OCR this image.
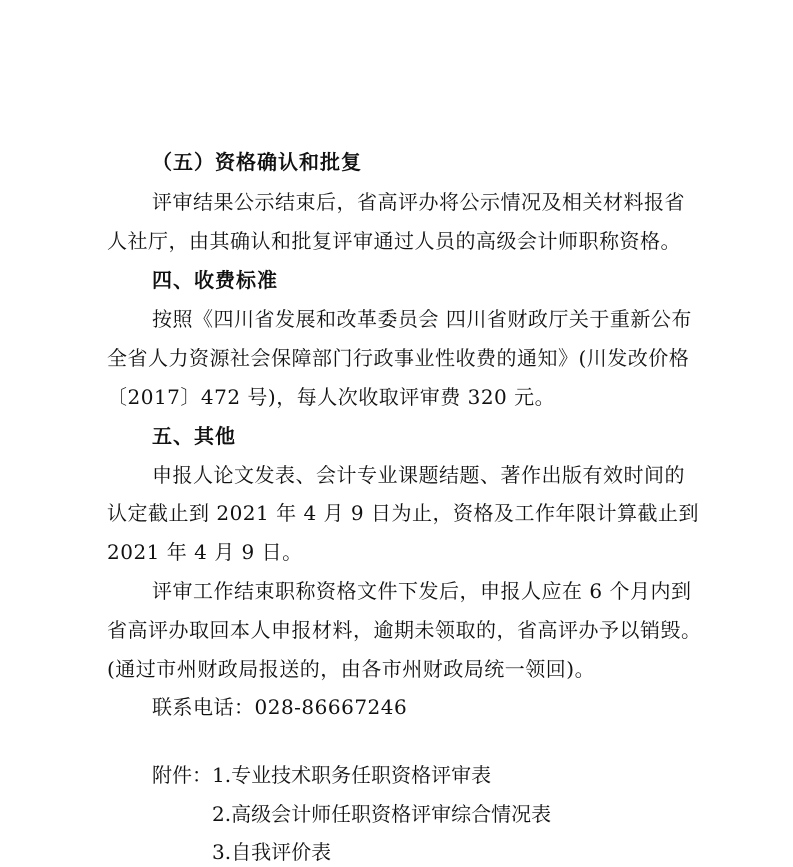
（五）资格确认和批复
评审结果公示结束后，省高评办将公示情况及相关材料报省
人社厅，由其确认和批复评审通过人员的高级会计师职称资格。
四、收费标准
按照《四川省发展和改革委员会 四川省财政厅关于重新公布
全省人力资源社会保障部门行政事业性收费的通知》(川发改价格
〔2017〕472 号)，每人次收取评审费 320 元。
五、其他
申报人论文发表、会计专业课题结题、著作出版有效时间的
认定截止到 2021 年 4 月 9 日为止，资格及工作年限计算截止到
2021 年 4 月 9 日。
评审工作结束职称资格文件下发后，申报人应在 6 个月内到
省高评办取回本人申报材料，逾期未领取的，省高评办予以销毁。
(通过市州财政局报送的，由各市州财政局统一领回)。
联系电话：028-86667246
附件： 1.专业技术职务任职资格评审表
2.高级会计师任职资格评审综合情况表
3.自我评价表
